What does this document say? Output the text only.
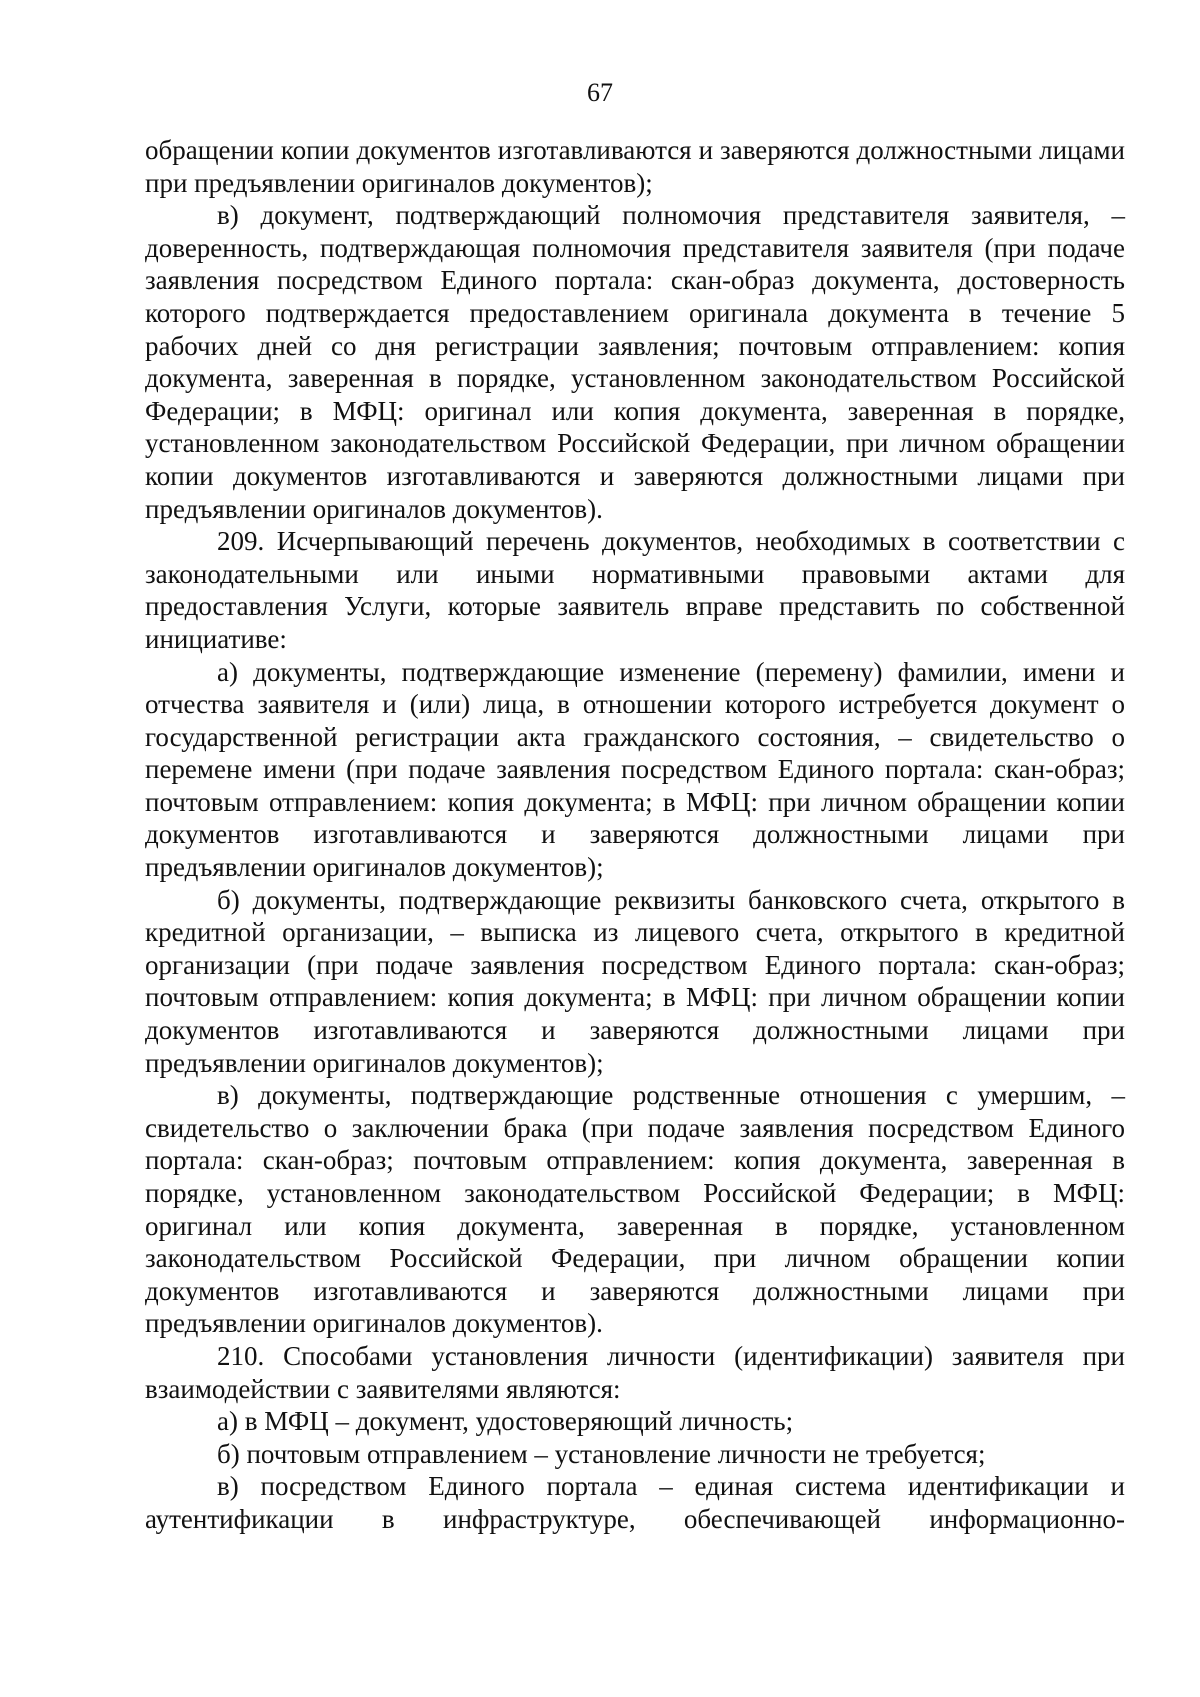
67

обращении копии документов изготавливаются и заверяются должностными лицами при предъявлении оригиналов документов);

в) документ, подтверждающий полномочия представителя заявителя, – доверенность, подтверждающая полномочия представителя заявителя (при подаче заявления посредством Единого портала: скан-образ документа, достоверность которого подтверждается предоставлением оригинала документа в течение 5 рабочих дней со дня регистрации заявления; почтовым отправлением: копия документа, заверенная в порядке, установленном законодательством Российской Федерации; в МФЦ: оригинал или копия документа, заверенная в порядке, установленном законодательством Российской Федерации, при личном обращении копии документов изготавливаются и заверяются должностными лицами при предъявлении оригиналов документов).

209. Исчерпывающий перечень документов, необходимых в соответствии с законодательными или иными нормативными правовыми актами для предоставления Услуги, которые заявитель вправе представить по собственной инициативе:

а) документы, подтверждающие изменение (перемену) фамилии, имени и отчества заявителя и (или) лица, в отношении которого истребуется документ о государственной регистрации акта гражданского состояния, – свидетельство о перемене имени (при подаче заявления посредством Единого портала: скан-образ; почтовым отправлением: копия документа; в МФЦ: при личном обращении копии документов изготавливаются и заверяются должностными лицами при предъявлении оригиналов документов);

б) документы, подтверждающие реквизиты банковского счета, открытого в кредитной организации, – выписка из лицевого счета, открытого в кредитной организации (при подаче заявления посредством Единого портала: скан-образ; почтовым отправлением: копия документа; в МФЦ: при личном обращении копии документов изготавливаются и заверяются должностными лицами при предъявлении оригиналов документов);

в) документы, подтверждающие родственные отношения с умершим, – свидетельство о заключении брака (при подаче заявления посредством Единого портала: скан-образ; почтовым отправлением: копия документа, заверенная в порядке, установленном законодательством Российской Федерации; в МФЦ: оригинал или копия документа, заверенная в порядке, установленном законодательством Российской Федерации, при личном обращении копии документов изготавливаются и заверяются должностными лицами при предъявлении оригиналов документов).

210. Способами установления личности (идентификации) заявителя при взаимодействии с заявителями являются:

а) в МФЦ – документ, удостоверяющий личность;

б) почтовым отправлением – установление личности не требуется;

в) посредством Единого портала – единая система идентификации и аутентификации в инфраструктуре, обеспечивающей информационно-
